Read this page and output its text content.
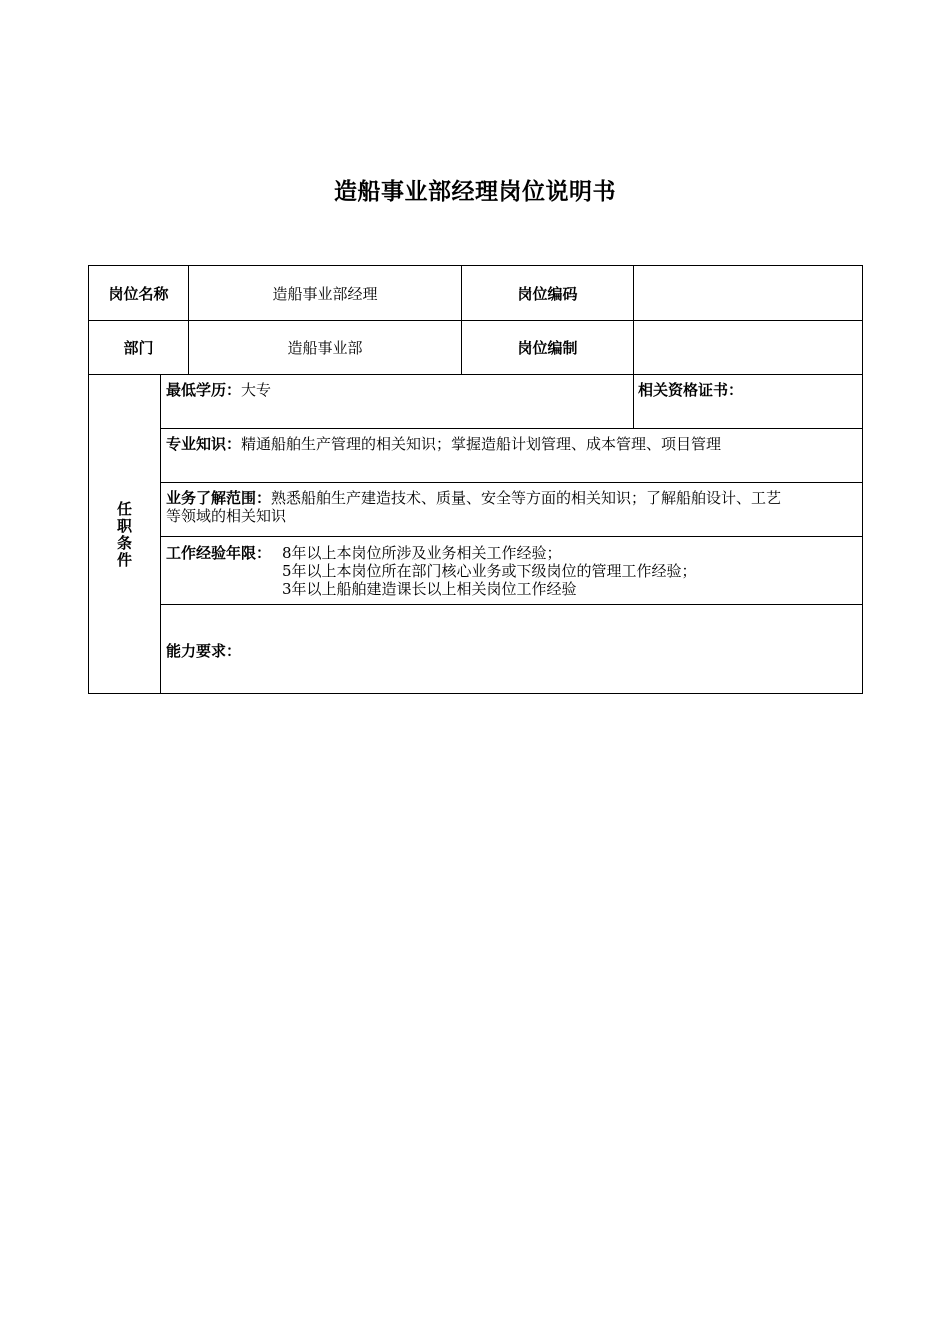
造船事业部经理岗位说明书
岗位名称	造船事业部经理	岗位编码
部门	造船事业部	岗位编制
任职条件
最低学历：大专	相关资格证书：
专业知识：精通船舶生产管理的相关知识；掌握造船计划管理、成本管理、项目管理
业务了解范围：熟悉船舶生产建造技术、质量、安全等方面的相关知识；了解船舶设计、工艺
等领域的相关知识
工作经验年限： 8年以上本岗位所涉及业务相关工作经验；
5年以上本岗位所在部门核心业务或下级岗位的管理工作经验；
3年以上船舶建造课长以上相关岗位工作经验
能力要求：
